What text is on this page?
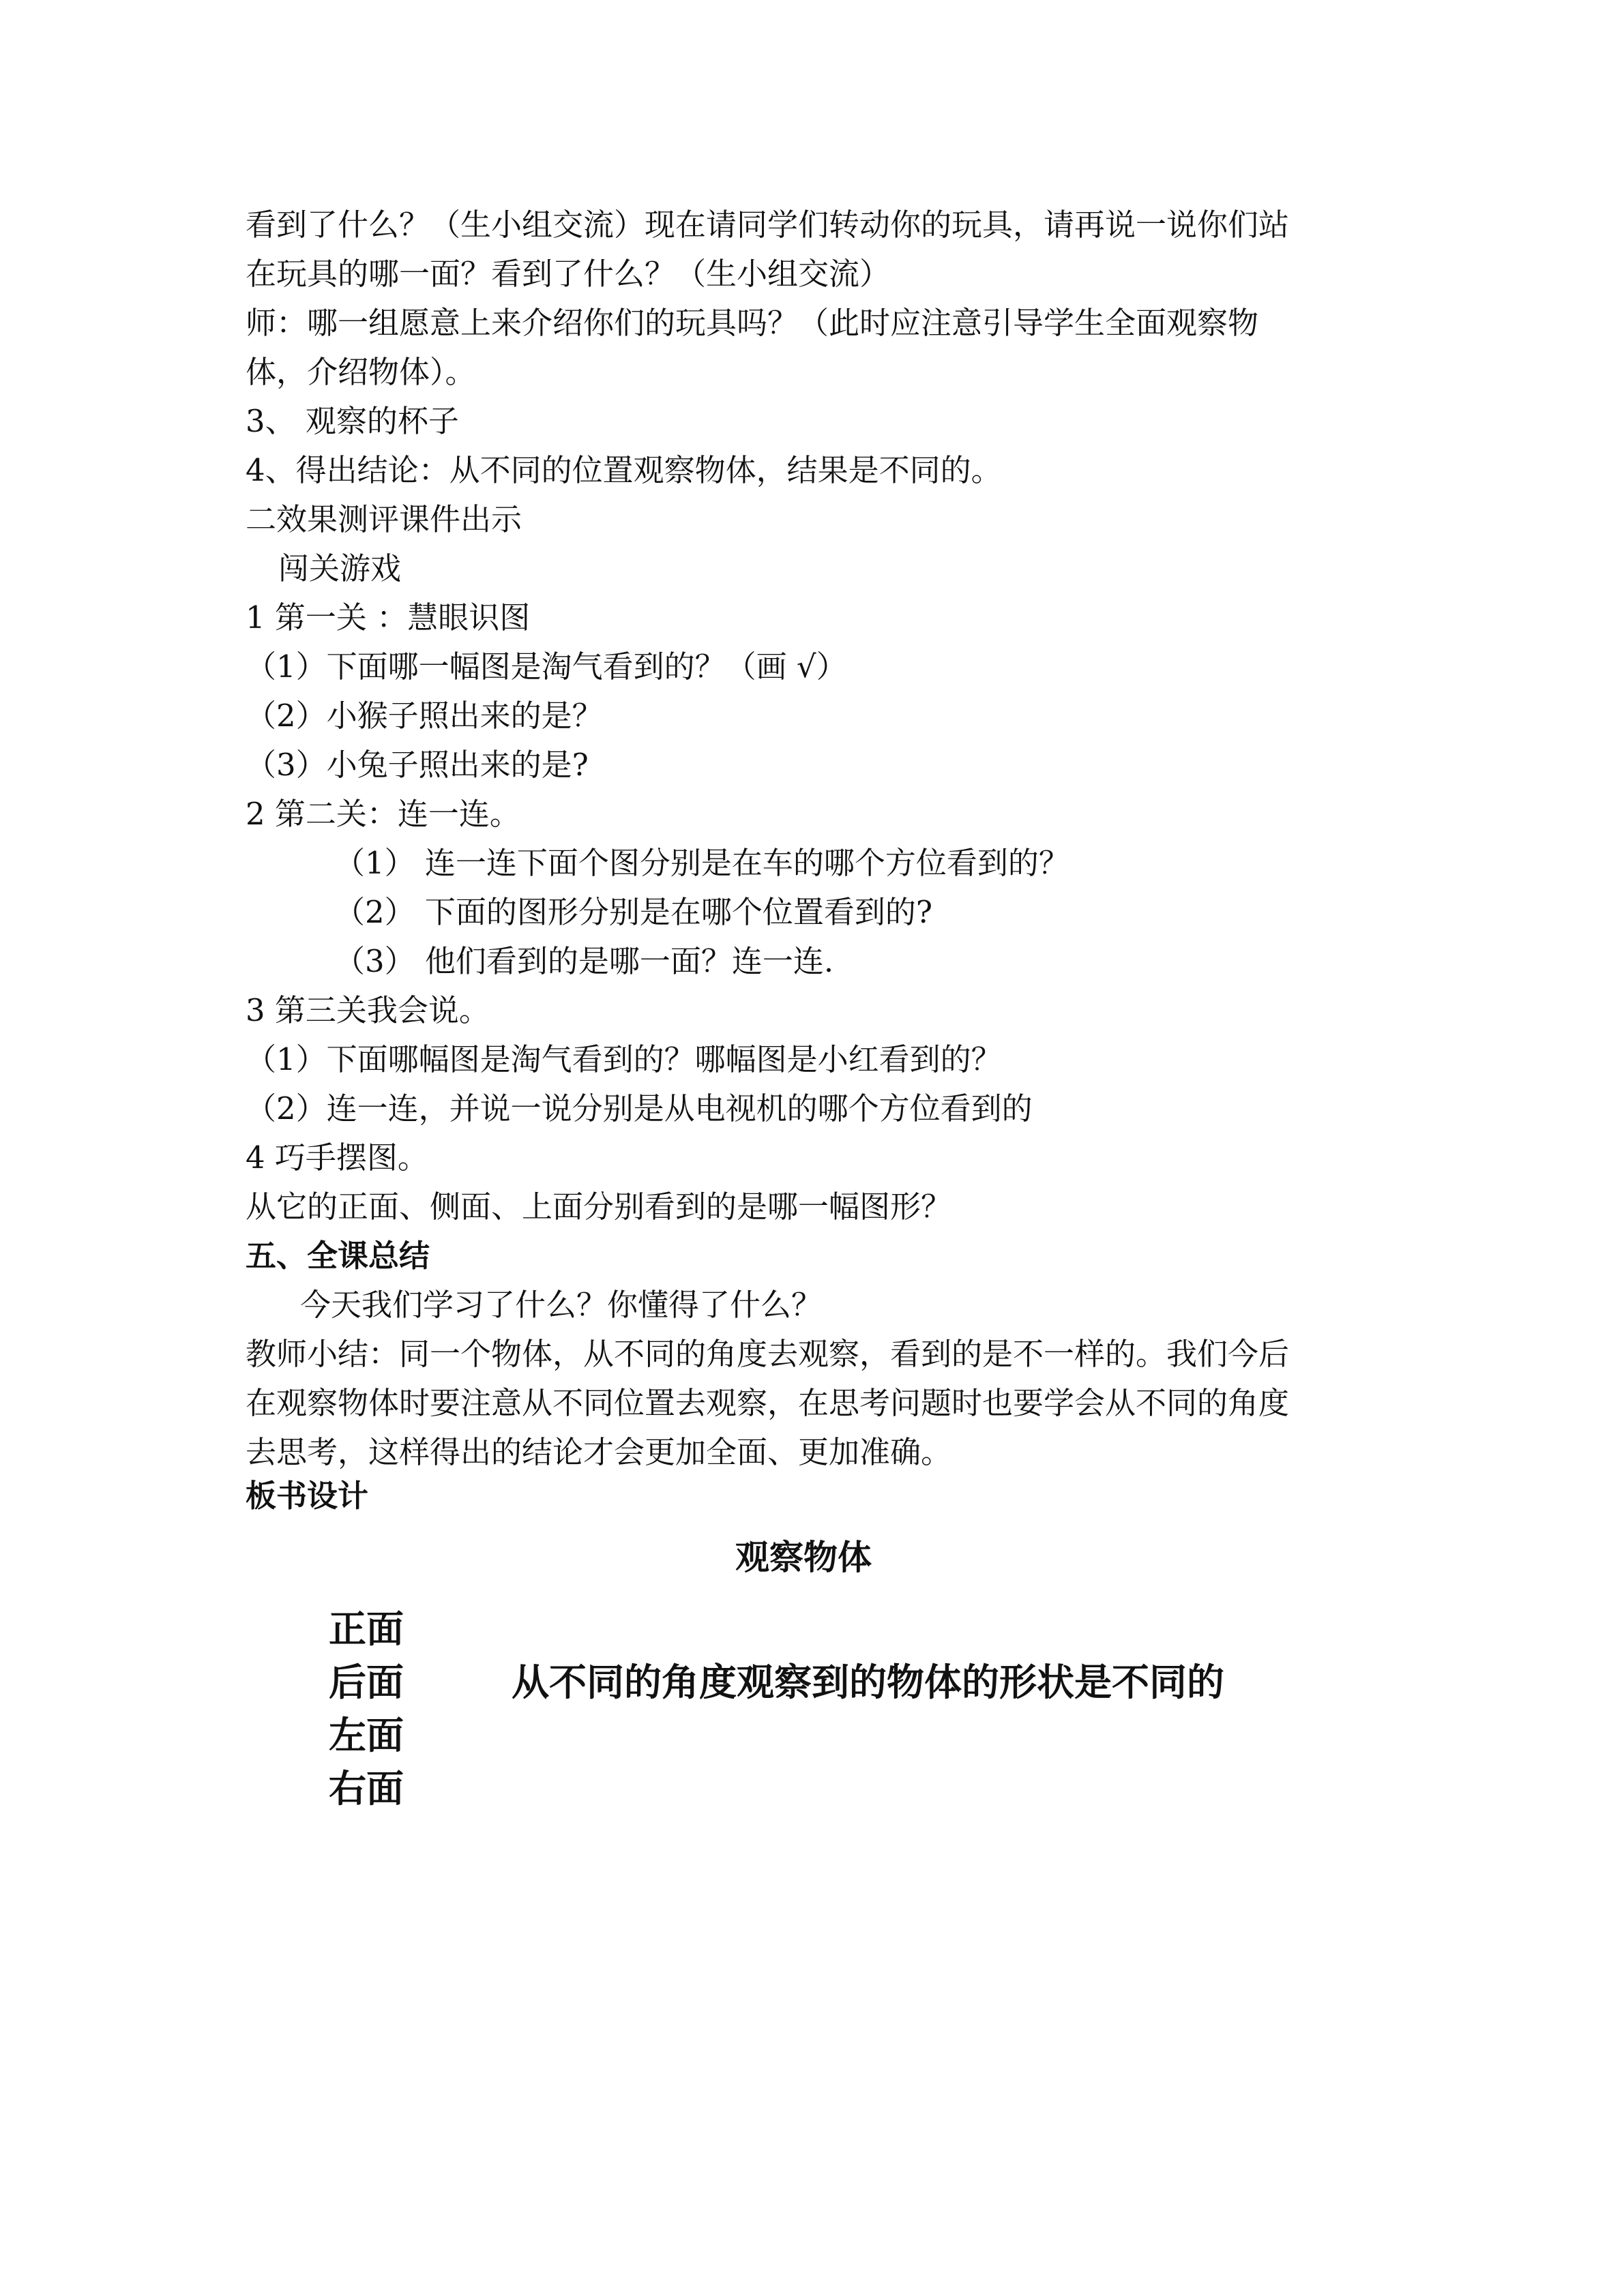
看到了什么？（生小组交流）现在请同学们转动你的玩具，请再说一说你们站
在玩具的哪一面？看到了什么？（生小组交流）
师：哪一组愿意上来介绍你们的玩具吗？（此时应注意引导学生全面观察物
体，介绍物体）。
3、 观察的杯子
4、得出结论：从不同的位置观察物体，结果是不同的。
二效果测评课件出示
闯关游戏
1 第一关 ：慧眼识图
（1）下面哪一幅图是淘气看到的？（画 √）
（2）小猴子照出来的是？
（3）小兔子照出来的是?
2 第二关：连一连。
（1） 连一连下面个图分别是在车的哪个方位看到的？
（2） 下面的图形分别是在哪个位置看到的?
（3） 他们看到的是哪一面？连一连.
3 第三关我会说。
（1）下面哪幅图是淘气看到的？哪幅图是小红看到的？
（2）连一连，并说一说分别是从电视机的哪个方位看到的
4 巧手摆图。
从它的正面、侧面、上面分别看到的是哪一幅图形？
五、全课总结
今天我们学习了什么？你懂得了什么？
教师小结：同一个物体，从不同的角度去观察，看到的是不一样的。我们今后
在观察物体时要注意从不同位置去观察，在思考问题时也要学会从不同的角度
去思考，这样得出的结论才会更加全面、更加准确。
板书设计
观察物体
正面
后面
左面
右面
从不同的角度观察到的物体的形状是不同的
